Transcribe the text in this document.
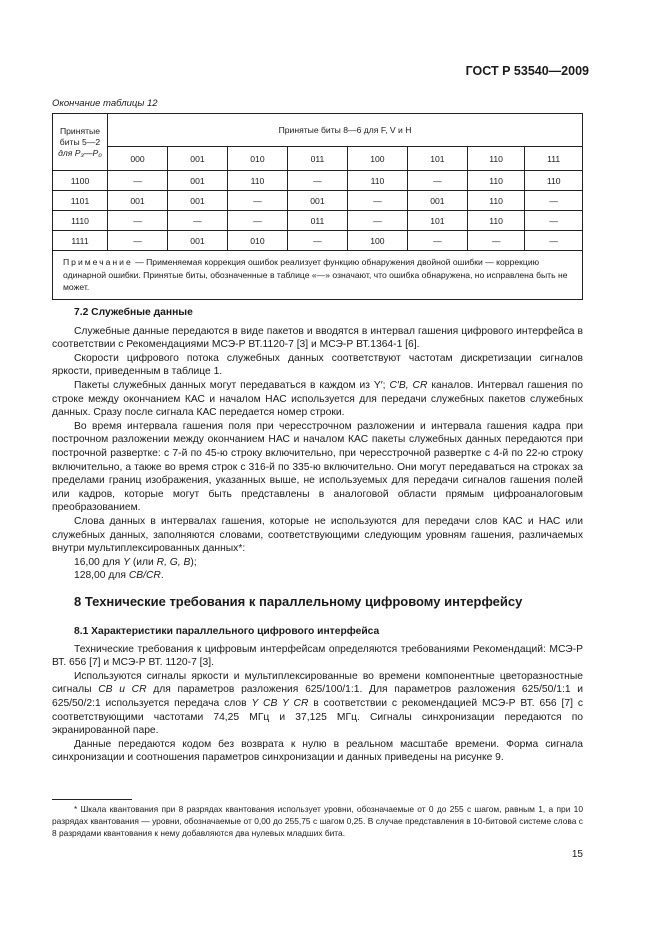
ГОСТ Р 53540—2009
Окончание таблицы 12
Принятые
биты 5—2
для P₃—P₀	Принятые биты 8—6 для F, V и H							
	000	001	010	011	100	101	110	111
1100	—	001	110	—	110	—	110	110
1101	001	001	—	001	—	001	110	—
1110	—	—	—	011	—	101	110	—
1111	—	001	010	—	100	—	—	—
Примечание — Применяемая коррекция ошибок реализует функцию обнаружения двойной ошибки — коррекцию одинарной ошибки. Принятые биты, обозначенные в таблице «—» означают, что ошибка обнаружена, но исправлена быть не может.								

7.2 Служебные данные

Служебные данные передаются в виде пакетов и вводятся в интервал гашения цифрового интерфейса в соответствии с Рекомендациями МСЭ-Р ВТ.1120-7 [3] и МСЭ-Р ВТ.1364-1 [6].

Скорости цифрового потока служебных данных соответствуют частотам дискретизации сигналов яркости, приведенным в таблице 1.

Пакеты служебных данных могут передаваться в каждом из Y′; C′B, CR каналов. Интервал гашения по строке между окончанием КАС и началом НАС используется для передачи служебных пакетов служебных данных. Сразу после сигнала КАС передается номер строки.

Во время интервала гашения поля при чересстрочном разложении и интервала гашения кадра при построчном разложении между окончанием НАС и началом КАС пакеты служебных данных передаются при построчной развертке: с 7-й по 45-ю строку включительно, при чересстрочной развертке с 4-й по 22-ю строку включительно, а также во время строк с 316-й по 335-ю включительно. Они могут передаваться на строках за пределами границ изображения, указанных выше, не используемых для передачи сигналов гашения полей или кадров, которые могут быть представлены в аналоговой области прямым цифроаналоговым преобразованием.

Слова данных в интервалах гашения, которые не используются для передачи слов КАС и НАС или служебных данных, заполняются словами, соответствующими следующим уровням гашения, различаемых внутри мультиплексированных данных*:

16,00 для Y (или R, G, B);

128,00 для CB/CR.

8 Технические требования к параллельному цифровому интерфейсу

8.1 Характеристики параллельного цифрового интерфейса

Технические требования к цифровым интерфейсам определяются требованиями Рекомендаций: МСЭ-Р ВТ. 656 [7] и МСЭ-Р ВТ. 1120-7 [3].

Используются сигналы яркости и мультиплексированные во времени компонентные цветоразностные сигналы CB и CR для параметров разложения 625/100/1:1. Для параметров разложения 625/50/1:1 и 625/50/2:1 используется передача слов Y CB Y CR в соответствии с рекомендацией МСЭ-Р ВТ. 656 [7] с соответствующими частотами 74,25 МГц и 37,125 МГц. Сигналы синхронизации передаются по экранированной паре.

Данные передаются кодом без возврата к нулю в реальном масштабе времени. Форма сигнала синхронизации и соотношения параметров синхронизации и данных приведены на рисунке 9.

* Шкала квантования при 8 разрядах квантования использует уровни, обозначаемые от 0 до 255 с шагом, равным 1, а при 10 разрядах квантования — уровни, обозначаемые от 0,00 до 255,75 с шагом 0,25. В случае представления в 10-битовой системе слова с 8 разрядами квантования к нему добавляются два нулевых младших бита.
15
